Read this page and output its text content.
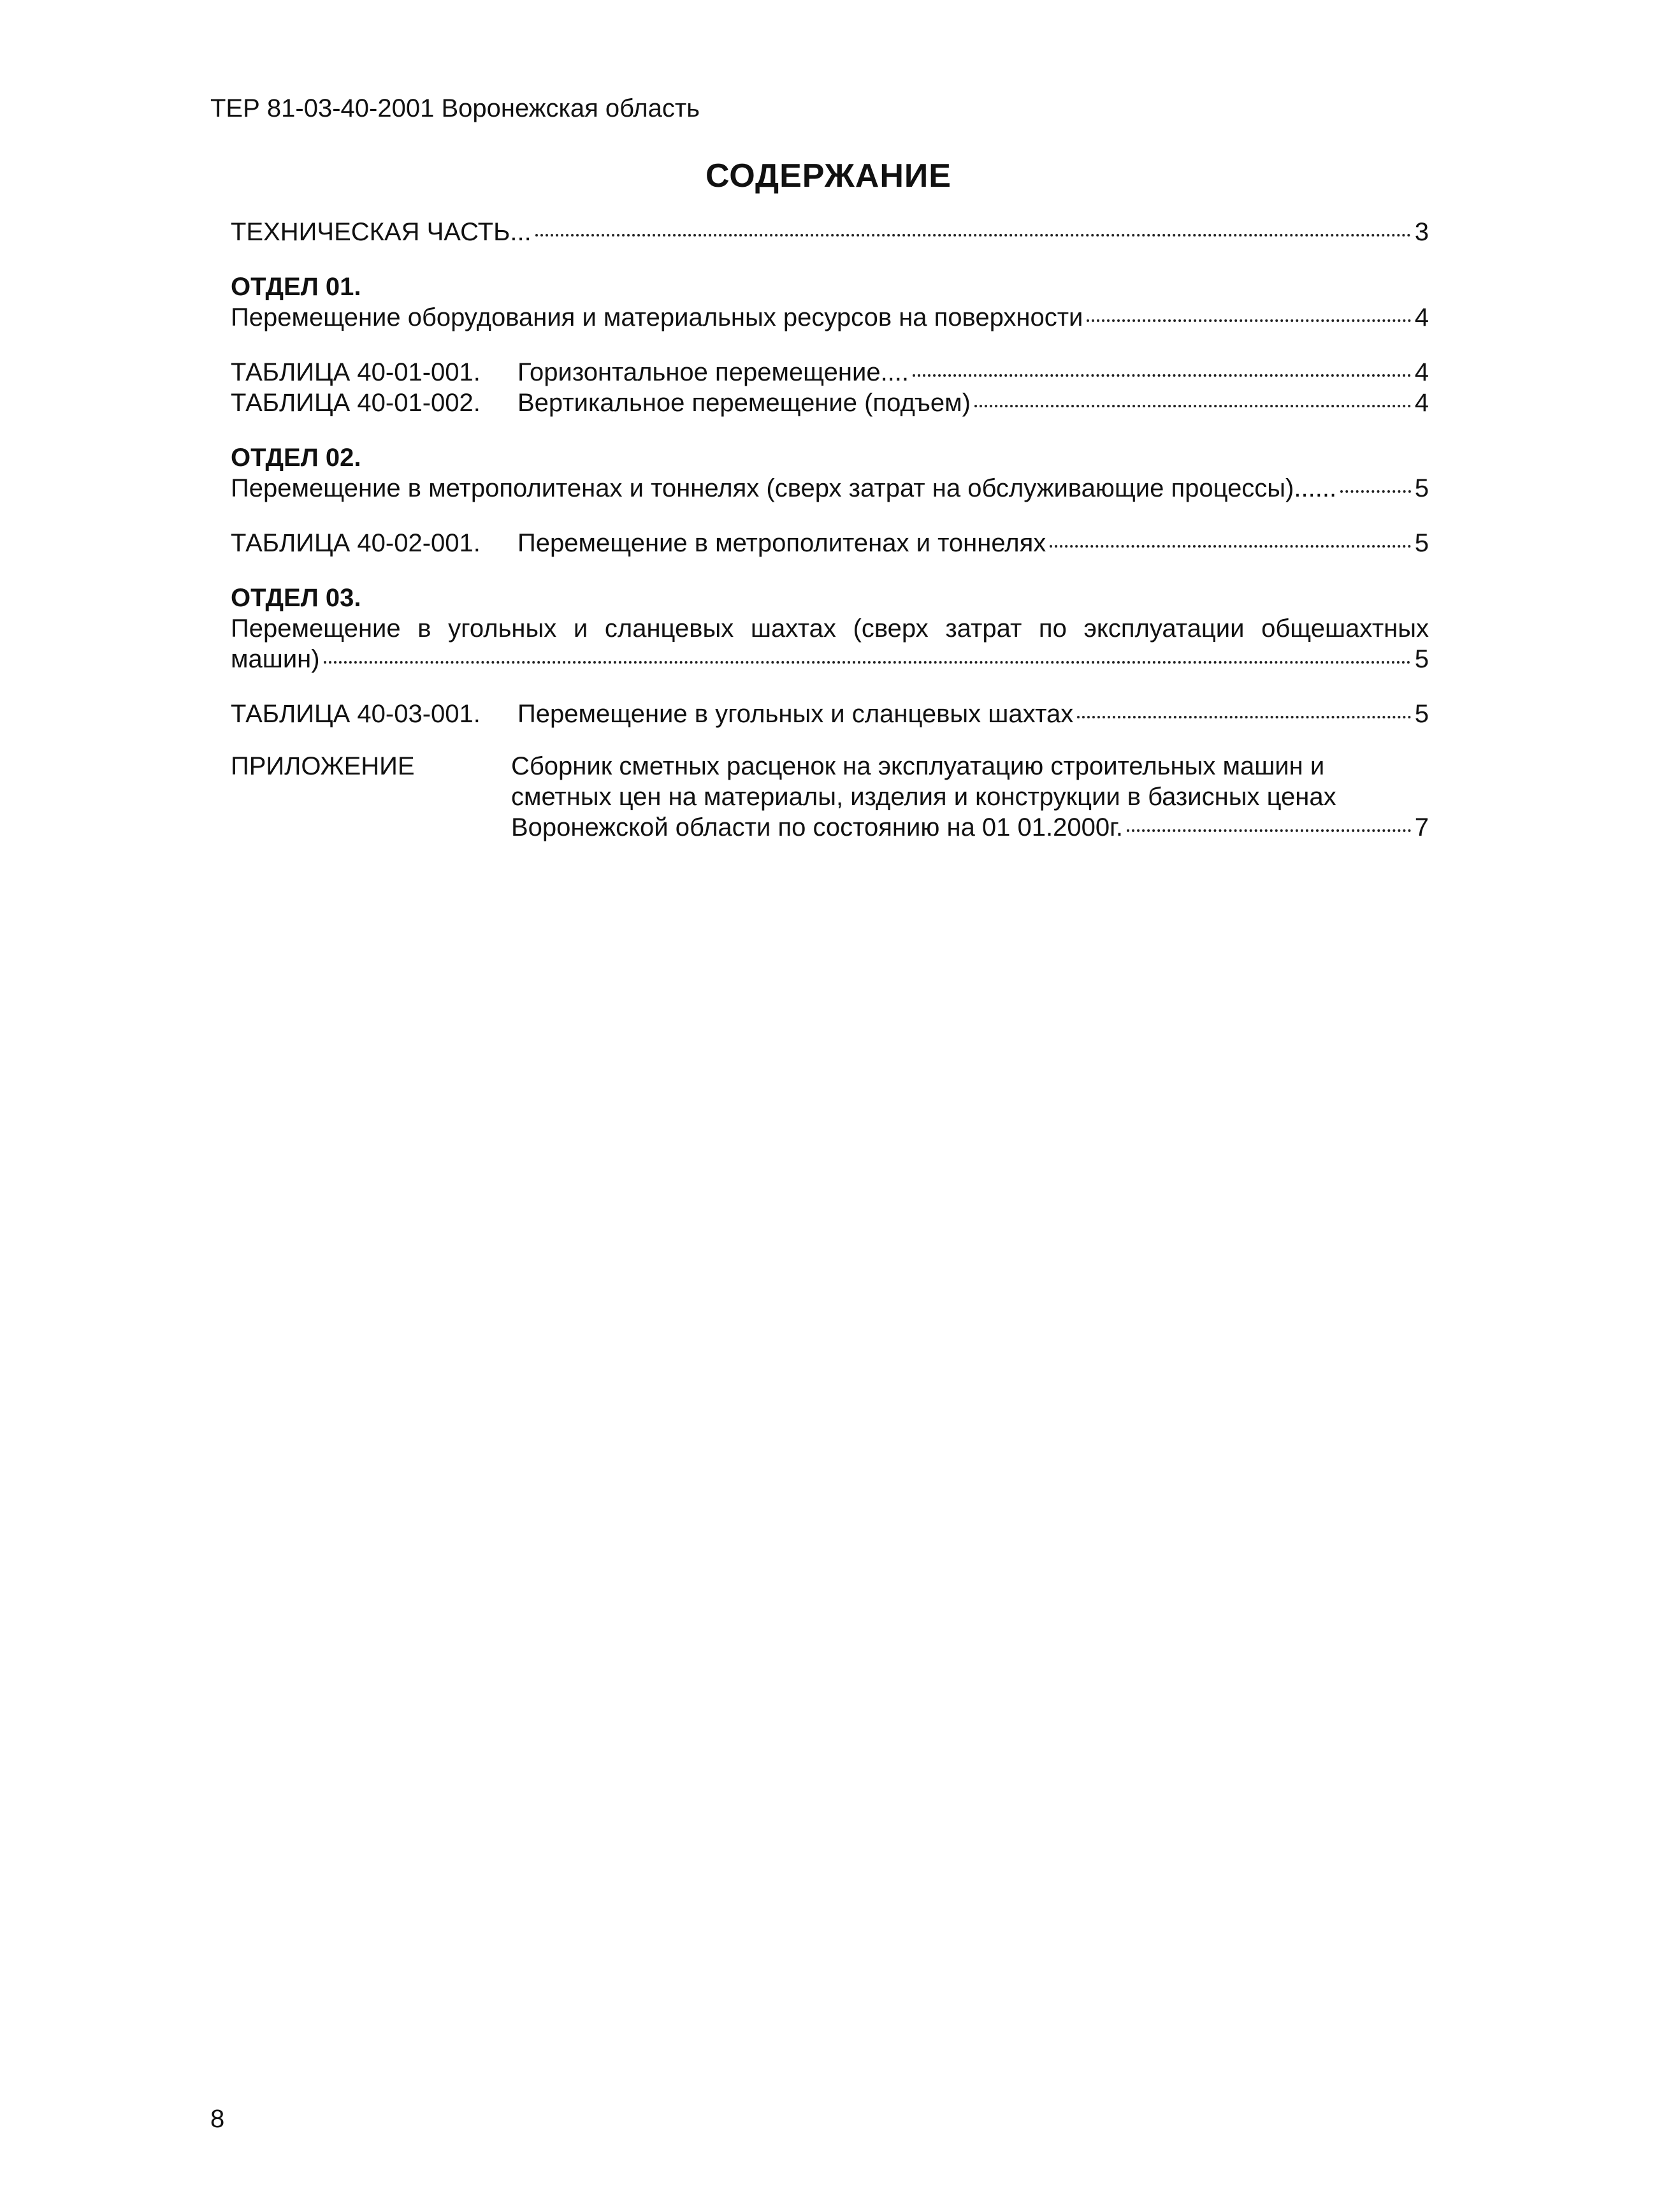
ТЕР 81-03-40-2001 Воронежская область
СОДЕРЖАНИЕ
ТЕХНИЧЕСКАЯ ЧАСТЬ...	3
ОТДЕЛ 01.
Перемещение оборудования и материальных ресурсов на поверхности	4
ТАБЛИЦА 40-01-001. Горизонтальное перемещение....	4
ТАБЛИЦА 40-01-002. Вертикальное перемещение (подъем)	4
ОТДЕЛ 02.
Перемещение в метрополитенах и тоннелях (сверх затрат на обслуживающие процессы)......	5
ТАБЛИЦА 40-02-001. Перемещение в метрополитенах и тоннелях	5
ОТДЕЛ 03.
Перемещение в угольных и сланцевых шахтах (сверх затрат по эксплуатации общешахтных
машин)	5
ТАБЛИЦА 40-03-001. Перемещение в угольных и сланцевых шахтах	5
ПРИЛОЖЕНИЕ	Сборник сметных расценок на эксплуатацию строительных машин и
сметных цен на материалы, изделия и конструкции в базисных ценах
Воронежской области по состоянию на 01 01.2000г.	7
8
